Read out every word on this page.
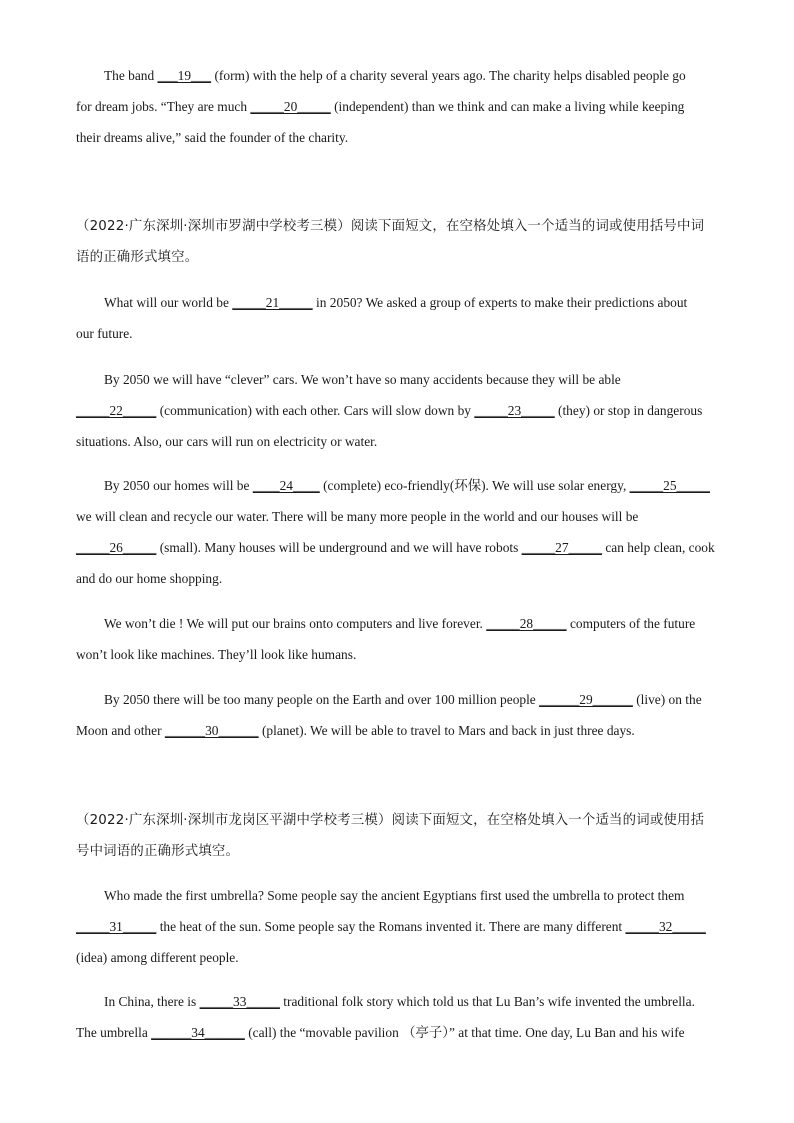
The band ___19___ (form) with the help of a charity several years ago. The charity helps disabled people go
for dream jobs. “They are much _____20_____ (independent) than we think and can make a living while keeping
their dreams alive,” said the founder of the charity.
（2022·广东深圳·深圳市罗湖中学校考三模）阅读下面短文，在空格处填入一个适当的词或使用括号中词
语的正确形式填空。
What will our world be _____21_____ in 2050? We asked a group of experts to make their predictions about
our future.
By 2050 we will have “clever” cars. We won’t have so many accidents because they will be able
_____22_____ (communication) with each other. Cars will slow down by _____23_____ (they) or stop in dangerous
situations. Also, our cars will run on electricity or water.
By 2050 our homes will be ____24____ (complete) eco-friendly(环保). We will use solar energy, _____25_____
we will clean and recycle our water. There will be many more people in the world and our houses will be
_____26_____ (small). Many houses will be underground and we will have robots _____27_____ can help clean, cook
and do our home shopping.
We won’t die ! We will put our brains onto computers and live forever. _____28_____ computers of the future
won’t look like machines. They’ll look like humans.
By 2050 there will be too many people on the Earth and over 100 million people ______29______ (live) on the
Moon and other ______30______ (planet). We will be able to travel to Mars and back in just three days.
（2022·广东深圳·深圳市龙岗区平湖中学校考三模）阅读下面短文，在空格处填入一个适当的词或使用括
号中词语的正确形式填空。
Who made the first umbrella? Some people say the ancient Egyptians first used the umbrella to protect them
_____31_____ the heat of the sun. Some people say the Romans invented it. There are many different _____32_____
(idea) among different people.
In China, there is _____33_____ traditional folk story which told us that Lu Ban’s wife invented the umbrella.
The umbrella ______34______ (call) the “movable pavilion （亭子）” at that time. One day, Lu Ban and his wife
